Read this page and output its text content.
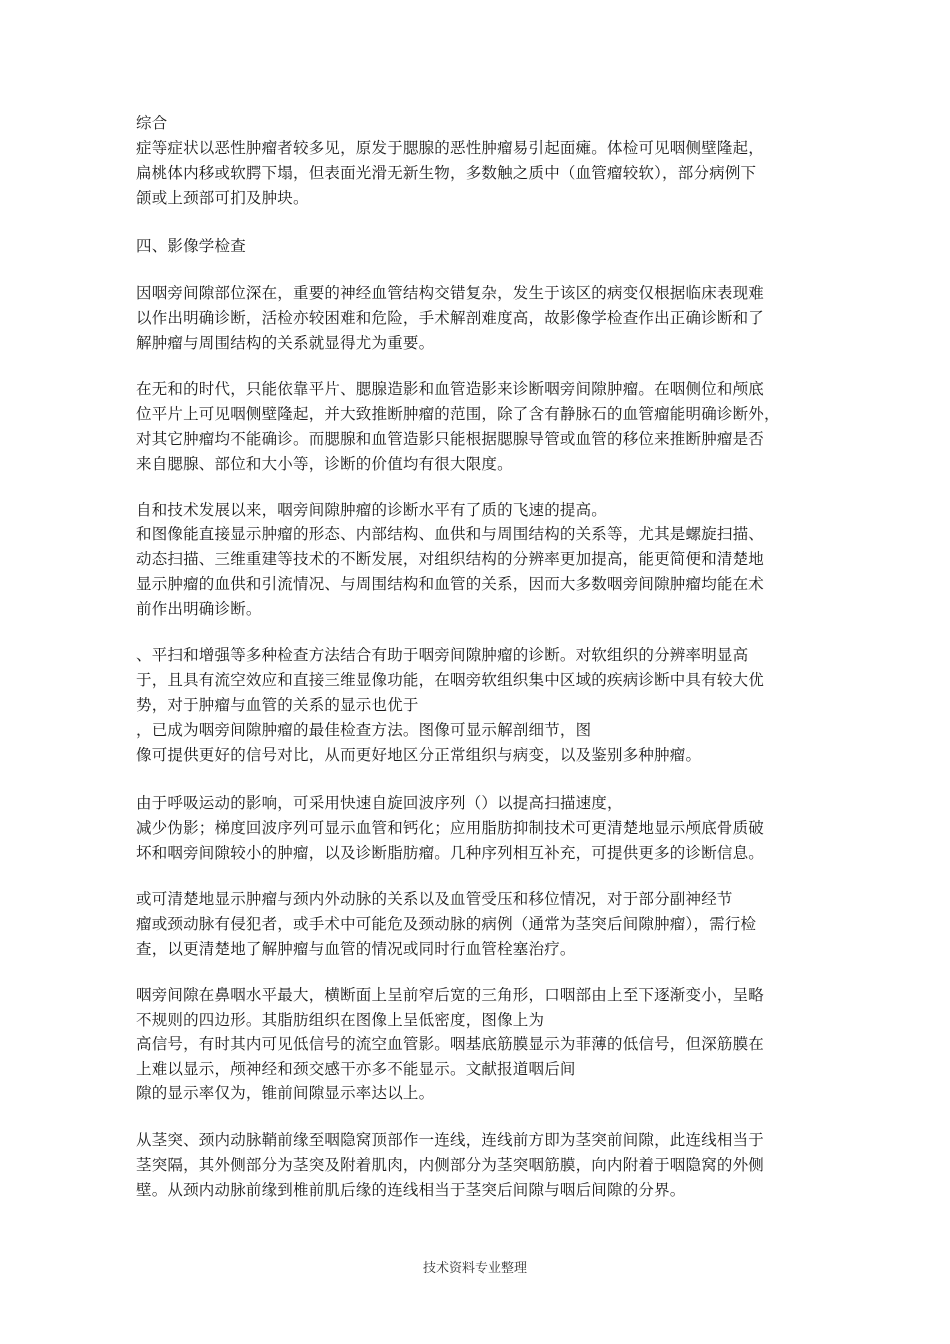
综合
症等症状以恶性肿瘤者较多见，原发于腮腺的恶性肿瘤易引起面瘫。体检可见咽侧壁隆起，
扁桃体内移或软腭下塌，但表面光滑无新生物，多数触之质中（血管瘤较软），部分病例下
颌或上颈部可扪及肿块。
四、影像学检查
因咽旁间隙部位深在，重要的神经血管结构交错复杂，发生于该区的病变仅根据临床表现难
以作出明确诊断，活检亦较困难和危险，手术解剖难度高，故影像学检查作出正确诊断和了
解肿瘤与周围结构的关系就显得尤为重要。
在无和的时代，只能依靠平片、腮腺造影和血管造影来诊断咽旁间隙肿瘤。在咽侧位和颅底
位平片上可见咽侧壁隆起，并大致推断肿瘤的范围，除了含有静脉石的血管瘤能明确诊断外，
对其它肿瘤均不能确诊。而腮腺和血管造影只能根据腮腺导管或血管的移位来推断肿瘤是否
来自腮腺、部位和大小等，诊断的价值均有很大限度。
自和技术发展以来，咽旁间隙肿瘤的诊断水平有了质的飞速的提高。
和图像能直接显示肿瘤的形态、内部结构、血供和与周围结构的关系等，尤其是螺旋扫描、
动态扫描、三维重建等技术的不断发展，对组织结构的分辨率更加提高，能更简便和清楚地
显示肿瘤的血供和引流情况、与周围结构和血管的关系，因而大多数咽旁间隙肿瘤均能在术
前作出明确诊断。
、平扫和增强等多种检查方法结合有助于咽旁间隙肿瘤的诊断。对软组织的分辨率明显高
于，且具有流空效应和直接三维显像功能，在咽旁软组织集中区域的疾病诊断中具有较大优
势，对于肿瘤与血管的关系的显示也优于
，已成为咽旁间隙肿瘤的最佳检查方法。图像可显示解剖细节，图
像可提供更好的信号对比，从而更好地区分正常组织与病变，以及鉴别多种肿瘤。
由于呼吸运动的影响，可采用快速自旋回波序列（）以提高扫描速度，
减少伪影；梯度回波序列可显示血管和钙化；应用脂肪抑制技术可更清楚地显示颅底骨质破
坏和咽旁间隙较小的肿瘤，以及诊断脂肪瘤。几种序列相互补充，可提供更多的诊断信息。
或可清楚地显示肿瘤与颈内外动脉的关系以及血管受压和移位情况，对于部分副神经节
瘤或颈动脉有侵犯者，或手术中可能危及颈动脉的病例（通常为茎突后间隙肿瘤），需行检
查，以更清楚地了解肿瘤与血管的情况或同时行血管栓塞治疗。
咽旁间隙在鼻咽水平最大，横断面上呈前窄后宽的三角形，口咽部由上至下逐渐变小，呈略
不规则的四边形。其脂肪组织在图像上呈低密度，图像上为
高信号，有时其内可见低信号的流空血管影。咽基底筋膜显示为菲薄的低信号，但深筋膜在
上难以显示，颅神经和颈交感干亦多不能显示。文献报道咽后间
隙的显示率仅为，锥前间隙显示率达以上。
从茎突、颈内动脉鞘前缘至咽隐窝顶部作一连线，连线前方即为茎突前间隙，此连线相当于
茎突隔，其外侧部分为茎突及附着肌肉，内侧部分为茎突咽筋膜，向内附着于咽隐窝的外侧
壁。从颈内动脉前缘到椎前肌后缘的连线相当于茎突后间隙与咽后间隙的分界。
技术资料专业整理
